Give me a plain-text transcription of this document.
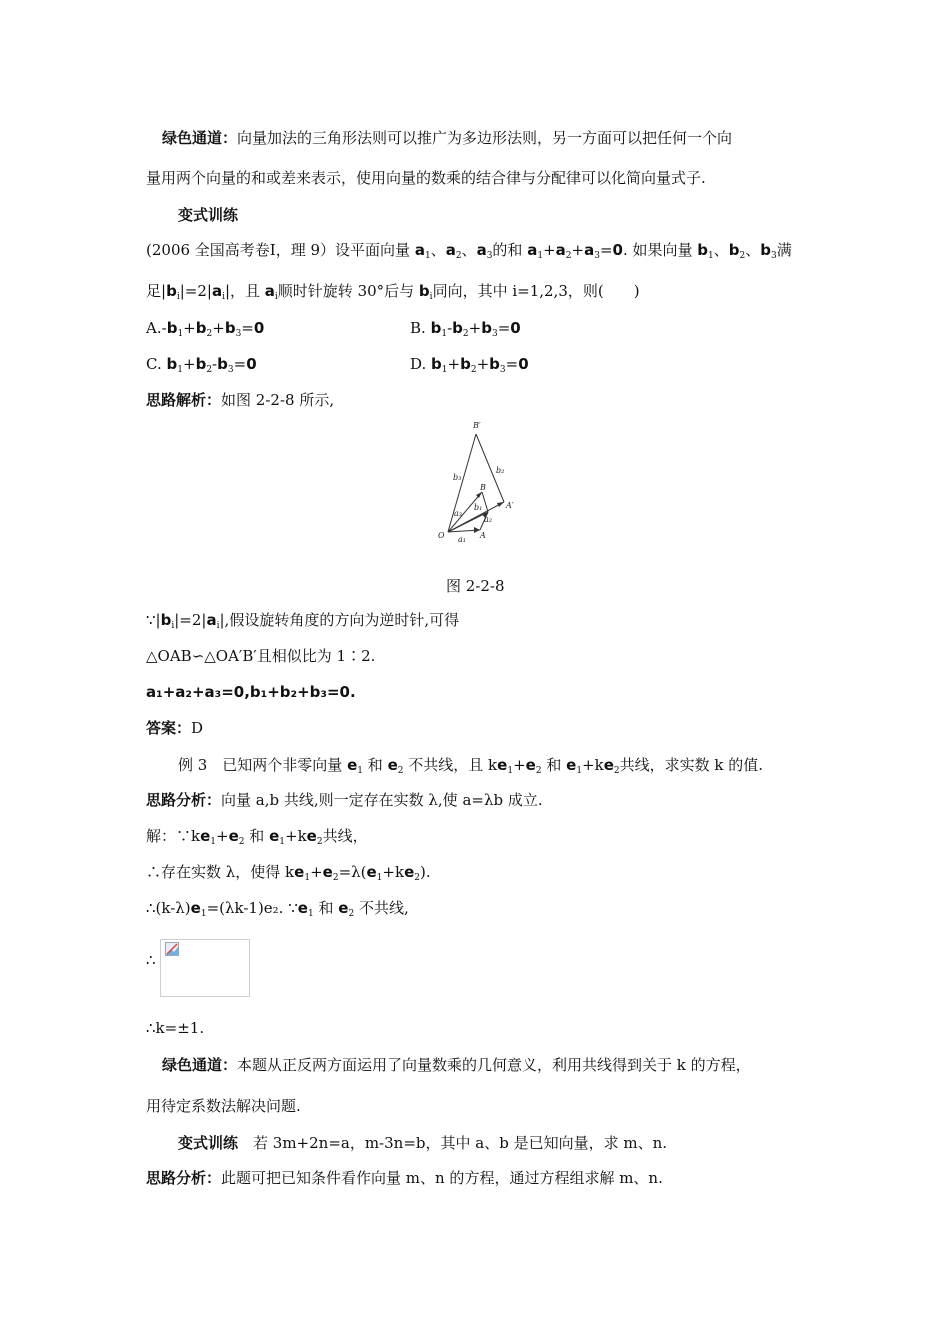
绿色通道：向量加法的三角形法则可以推广为多边形法则，另一方面可以把任何一个向
量用两个向量的和或差来表示，使用向量的数乘的结合律与分配律可以化简向量式子.
变式训练
(2006 全国高考卷Ⅰ，理 9）设平面向量 $a_1$、$a_2$、$a_3$的和 $a_1+a_2+a_3=0$. 如果向量 $b_1$、$b_2$、$b_3$满
足$|b_i|=2|a_i|$，且 $a_i$顺时针旋转 30°后与 $b_i$同向，其中 i=1,2,3，则(　　)
$A.-b_1+b_2+b_3=0$	B. $b_1-b_2+b_3=0$
C. $b_1+b_2-b_3=0$	D. $b_1+b_2+b_3=0$
思路解析：如图 2-2-8 所示,
B′
b₂
b₃
B
A′
a₃
b₁
a₂
O a₁ A
图 2-2-8
$\because|b_i|=2|a_i|$,假设旋转角度的方向为逆时针,可得
△OAB∽△OA′B′且相似比为 1∶2.
a₁+a₂+a₃=0,b₁+b₂+b₃=0.
答案：D
例 3　已知两个非零向量 $e_1$ 和 $e_2$ 不共线，且 $ke_1+e_2$ 和 $e_1+ke_2$共线，求实数 k 的值.
思路分析：向量 a,b 共线,则一定存在实数 λ,使 a=λb 成立.
解：$\because ke_1+e_2$ 和 $e_1+ke_2$共线，
∴存在实数 λ，使得 $ke_1+e_2=\lambda(e_1+ke_2)$.
$\therefore(k-\lambda)e_1=(\lambda k-1)e_2$. $\because e_1$ 和 $e_2$ 不共线,
∴
∴k=±1.
绿色通道：本题从正反两方面运用了向量数乘的几何意义，利用共线得到关于 k 的方程，
用待定系数法解决问题.
变式训练　若 3m+2n=a，m-3n=b，其中 a、b 是已知向量，求 m、n.
思路分析：此题可把已知条件看作向量 m、n 的方程，通过方程组求解 m、n.
